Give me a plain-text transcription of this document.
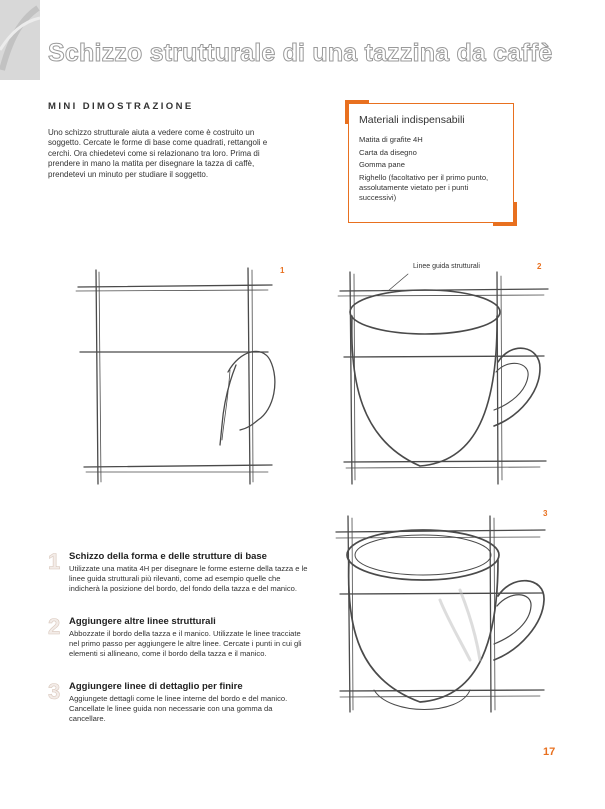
Schizzo strutturale di una tazzina da caffè
MINI DIMOSTRAZIONE

Uno schizzo strutturale aiuta a vedere come è costruito un soggetto. Cercate le forme di base come quadrati, rettangoli e cerchi. Ora chiedetevi come si relazionano tra loro. Prima di prendere in mano la matita per disegnare la tazza di caffè, prendetevi un minuto per studiare il soggetto.

Materiali indispensabili
Matita di grafite 4H
Carta da disegno
Gomma pane
Righello (facoltativo per il primo punto, assolutamente vietato per i punti successivi)
1	2
3
Linee guida strutturali
1 Schizzo della forma e delle strutture di base

Utilizzate una matita 4H per disegnare le forme esterne della tazza e le linee guida strutturali più rilevanti, come ad esempio quelle che indicherà la posizione del bordo, del fondo della tazza e del manico.

2 Aggiungere altre linee strutturali

Abbozzate il bordo della tazza e il manico. Utilizzate le linee tracciate nel primo passo per aggiungere le altre linee. Cercate i punti in cui gli elementi si allineano, come il bordo della tazza e il manico.

3 Aggiungere linee di dettaglio per finire

Aggiungete dettagli come le linee interne del bordo e del manico. Cancellate le linee guida non necessarie con una gomma da cancellare.

17
